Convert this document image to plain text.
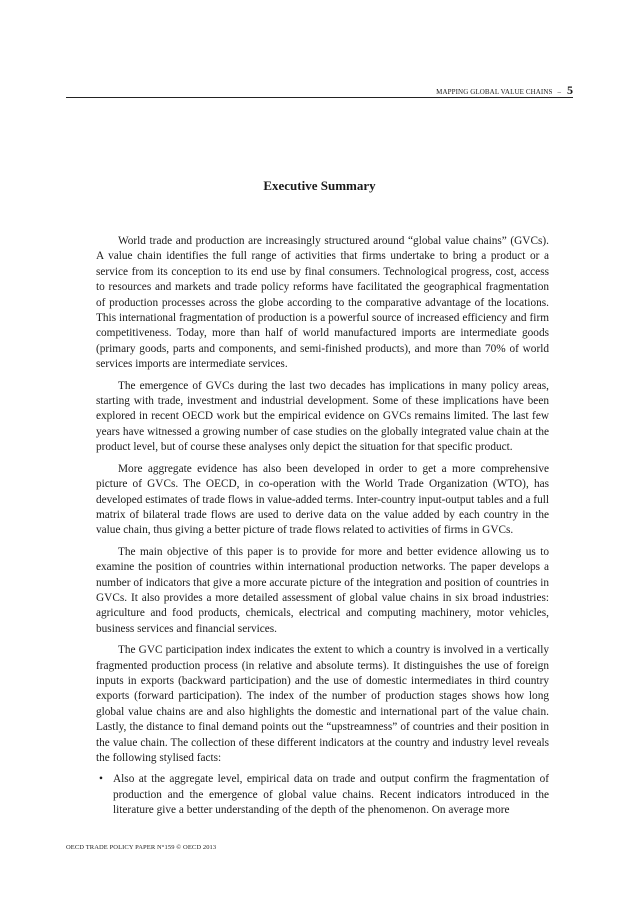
MAPPING GLOBAL VALUE CHAINS – 5
Executive Summary

World trade and production are increasingly structured around “global value chains” (GVCs). A value chain identifies the full range of activities that firms undertake to bring a product or a service from its conception to its end use by final consumers. Technological progress, cost, access to resources and markets and trade policy reforms have facilitated the geographical fragmentation of production processes across the globe according to the comparative advantage of the locations. This international fragmentation of production is a powerful source of increased efficiency and firm competitiveness. Today, more than half of world manufactured imports are intermediate goods (primary goods, parts and components, and semi-finished products), and more than 70% of world services imports are intermediate services.

The emergence of GVCs during the last two decades has implications in many policy areas, starting with trade, investment and industrial development. Some of these implications have been explored in recent OECD work but the empirical evidence on GVCs remains limited. The last few years have witnessed a growing number of case studies on the globally integrated value chain at the product level, but of course these analyses only depict the situation for that specific product.

More aggregate evidence has also been developed in order to get a more comprehensive picture of GVCs. The OECD, in co-operation with the World Trade Organization (WTO), has developed estimates of trade flows in value-added terms. Inter-country input-output tables and a full matrix of bilateral trade flows are used to derive data on the value added by each country in the value chain, thus giving a better picture of trade flows related to activities of firms in GVCs.

The main objective of this paper is to provide for more and better evidence allowing us to examine the position of countries within international production networks. The paper develops a number of indicators that give a more accurate picture of the integration and position of countries in GVCs. It also provides a more detailed assessment of global value chains in six broad industries: agriculture and food products, chemicals, electrical and computing machinery, motor vehicles, business services and financial services.

The GVC participation index indicates the extent to which a country is involved in a vertically fragmented production process (in relative and absolute terms). It distinguishes the use of foreign inputs in exports (backward participation) and the use of domestic intermediates in third country exports (forward participation). The index of the number of production stages shows how long global value chains are and also highlights the domestic and international part of the value chain. Lastly, the distance to final demand points out the “upstreamness” of countries and their position in the value chain. The collection of these different indicators at the country and industry level reveals the following stylised facts:

• Also at the aggregate level, empirical data on trade and output confirm the fragmentation of production and the emergence of global value chains. Recent indicators introduced in the literature give a better understanding of the depth of the phenomenon. On average more
OECD TRADE POLICY PAPER N°159 © OECD 2013
